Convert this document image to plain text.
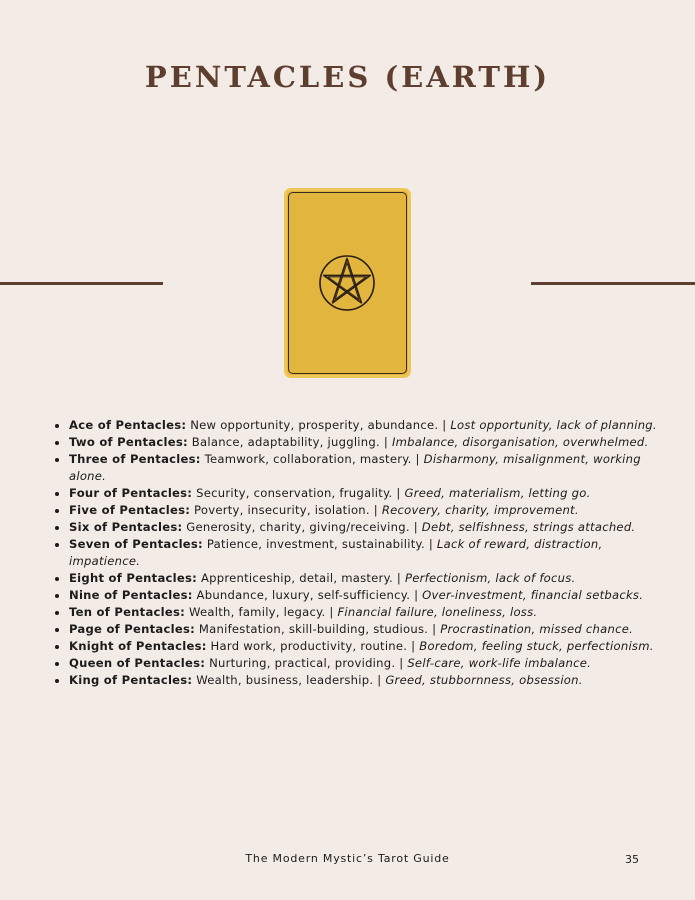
PENTACLES (EARTH)
• Ace of Pentacles: New opportunity, prosperity, abundance. | Lost opportunity, lack of planning.
• Two of Pentacles: Balance, adaptability, juggling. | Imbalance, disorganisation, overwhelmed.
• Three of Pentacles: Teamwork, collaboration, mastery. | Disharmony, misalignment, working alone.
• Four of Pentacles: Security, conservation, frugality. | Greed, materialism, letting go.
• Five of Pentacles: Poverty, insecurity, isolation. | Recovery, charity, improvement.
• Six of Pentacles: Generosity, charity, giving/receiving. | Debt, selfishness, strings attached.
• Seven of Pentacles: Patience, investment, sustainability. | Lack of reward, distraction, impatience.
• Eight of Pentacles: Apprenticeship, detail, mastery. | Perfectionism, lack of focus.
• Nine of Pentacles: Abundance, luxury, self-sufficiency. | Over-investment, financial setbacks.
• Ten of Pentacles: Wealth, family, legacy. | Financial failure, loneliness, loss.
• Page of Pentacles: Manifestation, skill-building, studious. | Procrastination, missed chance.
• Knight of Pentacles: Hard work, productivity, routine. | Boredom, feeling stuck, perfectionism.
• Queen of Pentacles: Nurturing, practical, providing. | Self-care, work-life imbalance.
• King of Pentacles: Wealth, business, leadership. | Greed, stubbornness, obsession.
The Modern Mystic’s Tarot Guide	35
